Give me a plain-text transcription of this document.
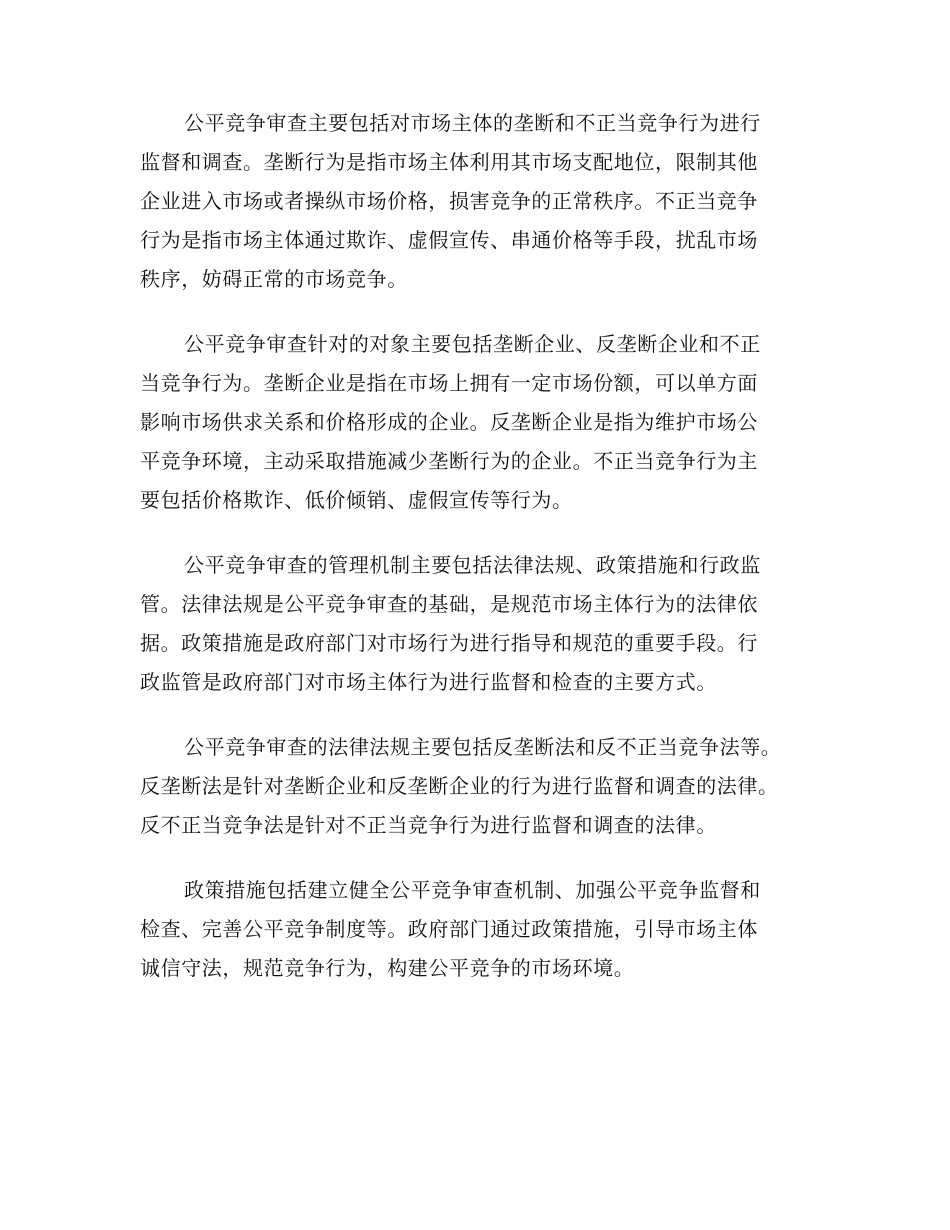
公平竞争审查主要包括对市场主体的垄断和不正当竞争行为进行
监督和调查。垄断行为是指市场主体利用其市场支配地位，限制其他
企业进入市场或者操纵市场价格，损害竞争的正常秩序。不正当竞争
行为是指市场主体通过欺诈、虚假宣传、串通价格等手段，扰乱市场
秩序，妨碍正常的市场竞争。
公平竞争审查针对的对象主要包括垄断企业、反垄断企业和不正
当竞争行为。垄断企业是指在市场上拥有一定市场份额，可以单方面
影响市场供求关系和价格形成的企业。反垄断企业是指为维护市场公
平竞争环境，主动采取措施减少垄断行为的企业。不正当竞争行为主
要包括价格欺诈、低价倾销、虚假宣传等行为。
公平竞争审查的管理机制主要包括法律法规、政策措施和行政监
管。法律法规是公平竞争审查的基础，是规范市场主体行为的法律依
据。政策措施是政府部门对市场行为进行指导和规范的重要手段。行
政监管是政府部门对市场主体行为进行监督和检查的主要方式。
公平竞争审查的法律法规主要包括反垄断法和反不正当竞争法等。
反垄断法是针对垄断企业和反垄断企业的行为进行监督和调查的法律。
反不正当竞争法是针对不正当竞争行为进行监督和调查的法律。
政策措施包括建立健全公平竞争审查机制、加强公平竞争监督和
检查、完善公平竞争制度等。政府部门通过政策措施，引导市场主体
诚信守法，规范竞争行为，构建公平竞争的市场环境。
